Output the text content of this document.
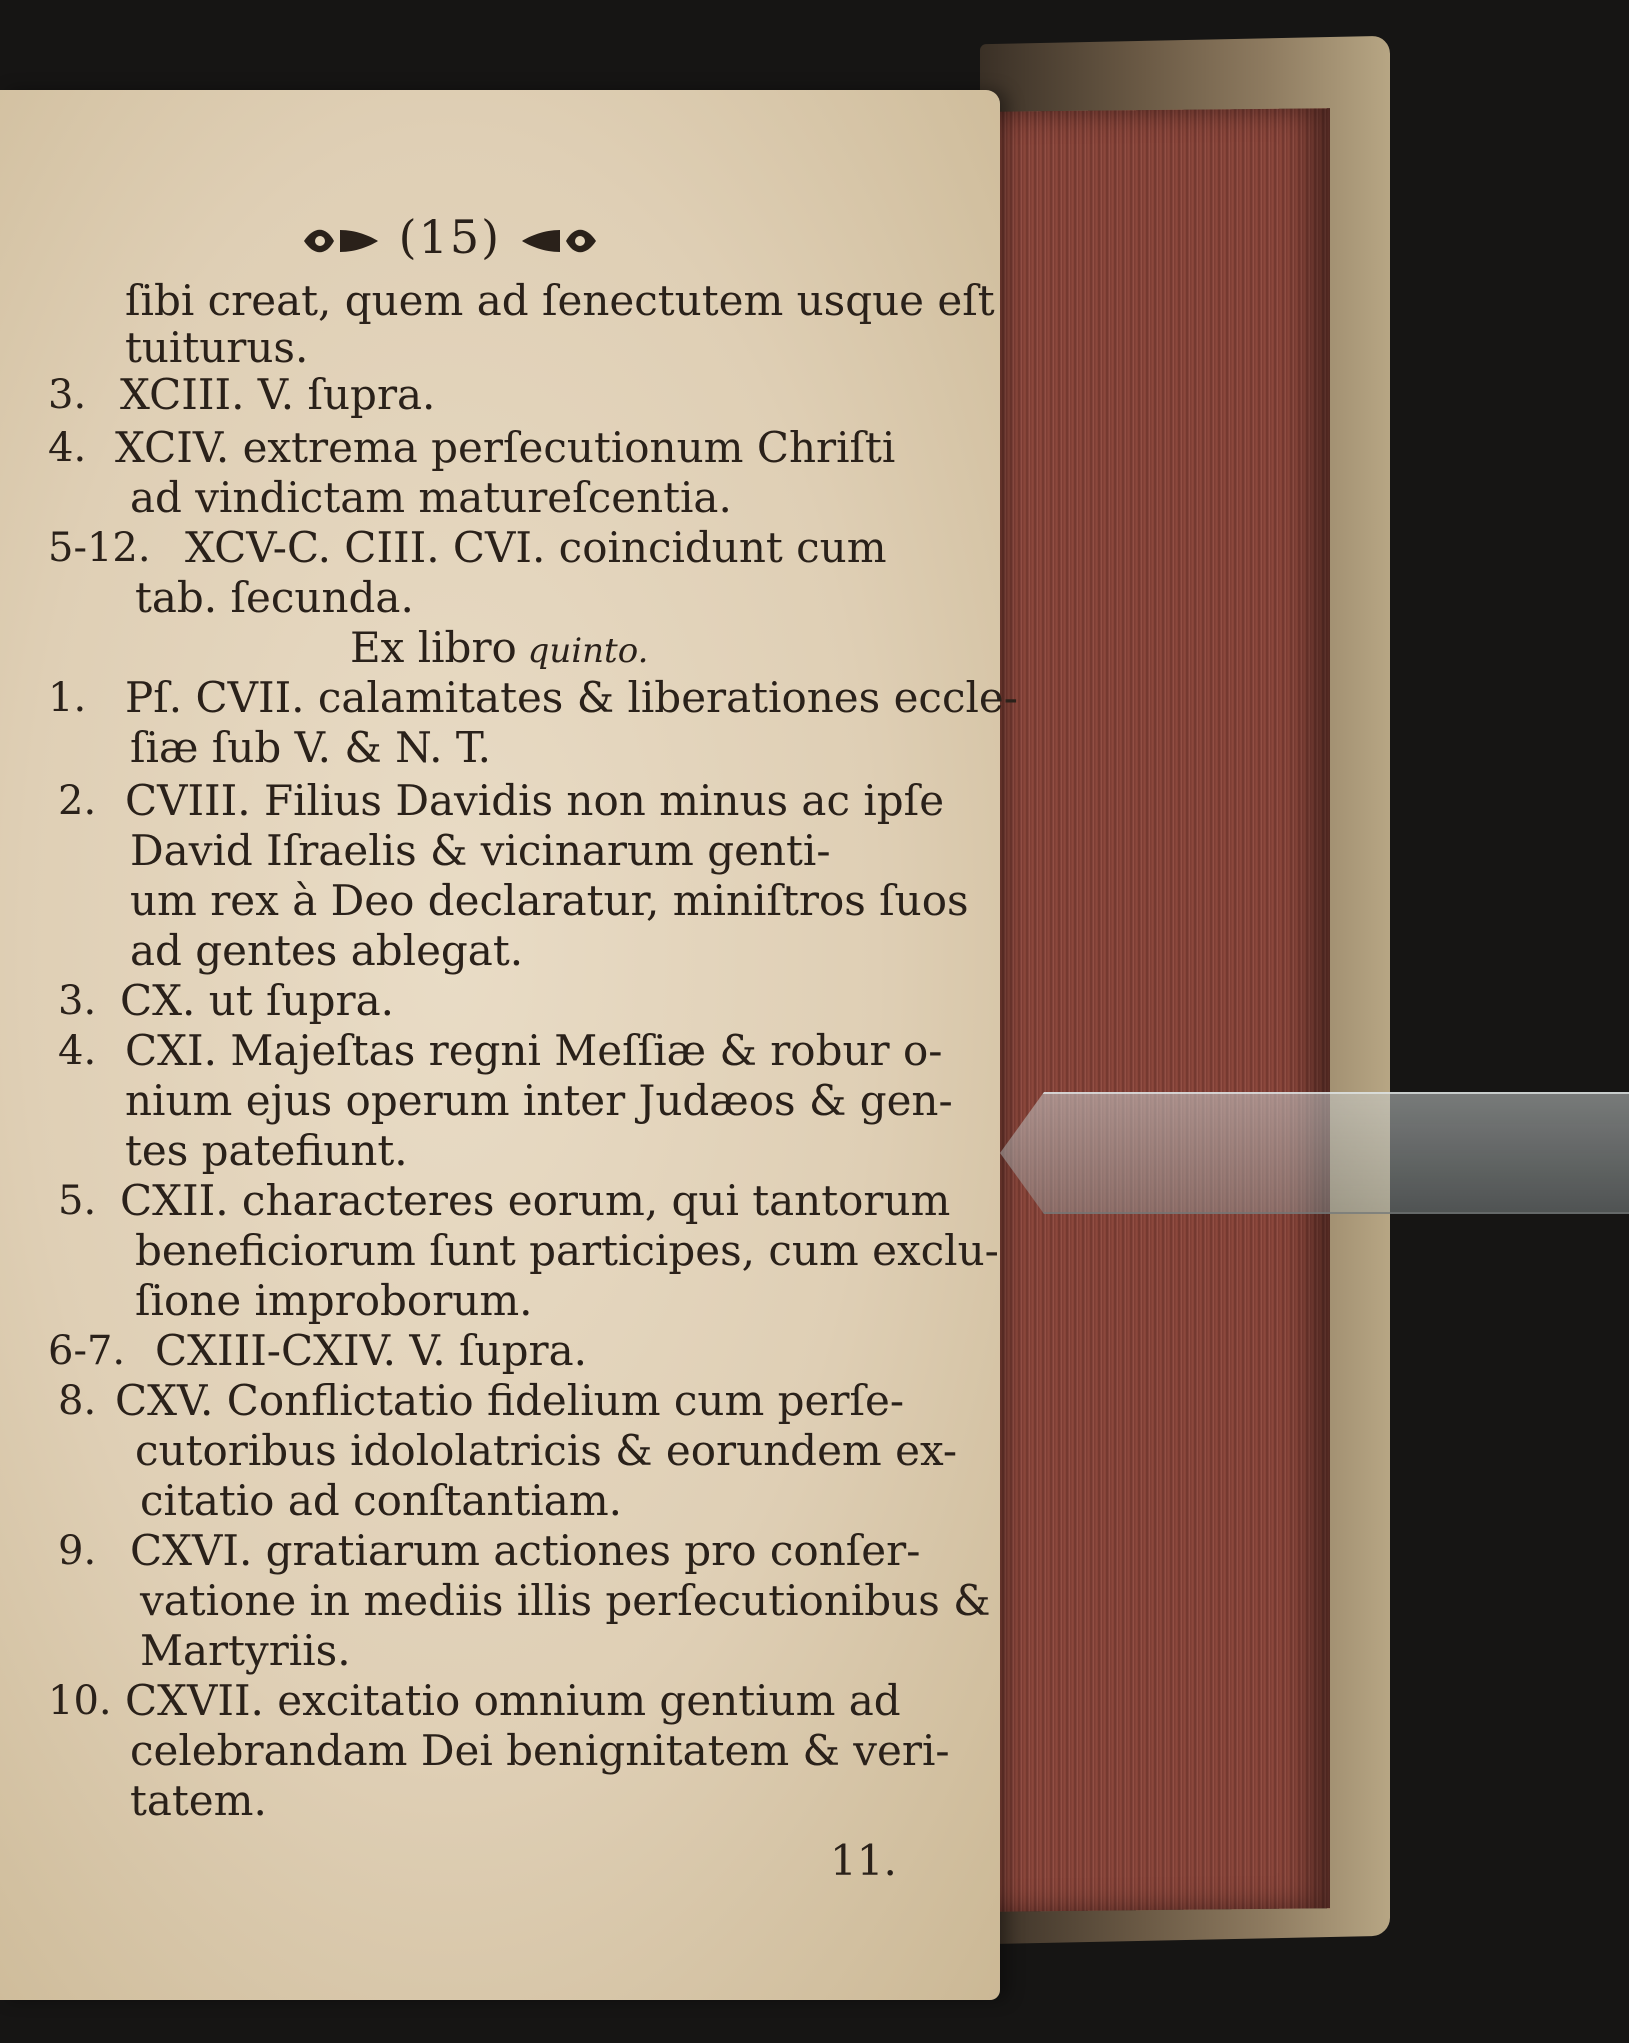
(15)
ſibi creat, quem ad ſenectutem usque eſt
tuiturus.
3. XCIII. V. ſupra.
4. XCIV. extrema perſecutionum Chriſti
ad vindictam matureſcentia.
5-12. XCV-C. CIII. CVI. coincidunt cum
tab. ſecunda.
Ex libro quinto.
1. Pſ. CVII. calamitates & liberationes eccle-
ſiæ ſub V. & N. T.
2. CVIII. Filius Davidis non minus ac ipſe
David Iſraelis & vicinarum genti-
um rex à Deo declaratur, miniſtros ſuos
ad gentes ablegat.
3. CX. ut ſupra.
4. CXI. Majeſtas regni Meſſiæ & robur o-
nium ejus operum inter Judæos & gen-
tes patefiunt.
5. CXII. characteres eorum, qui tantorum
beneficiorum ſunt participes, cum exclu-
ſione improborum.
6-7. CXIII-CXIV. V. ſupra.
8. CXV. Conflictatio fidelium cum perſe-
cutoribus idololatricis & eorundem ex-
citatio ad conſtantiam.
9. CXVI. gratiarum actiones pro conſer-
vatione in mediis illis perſecutionibus &
Martyriis.
10. CXVII. excitatio omnium gentium ad
celebrandam Dei benignitatem & veri-
tatem.
11.
